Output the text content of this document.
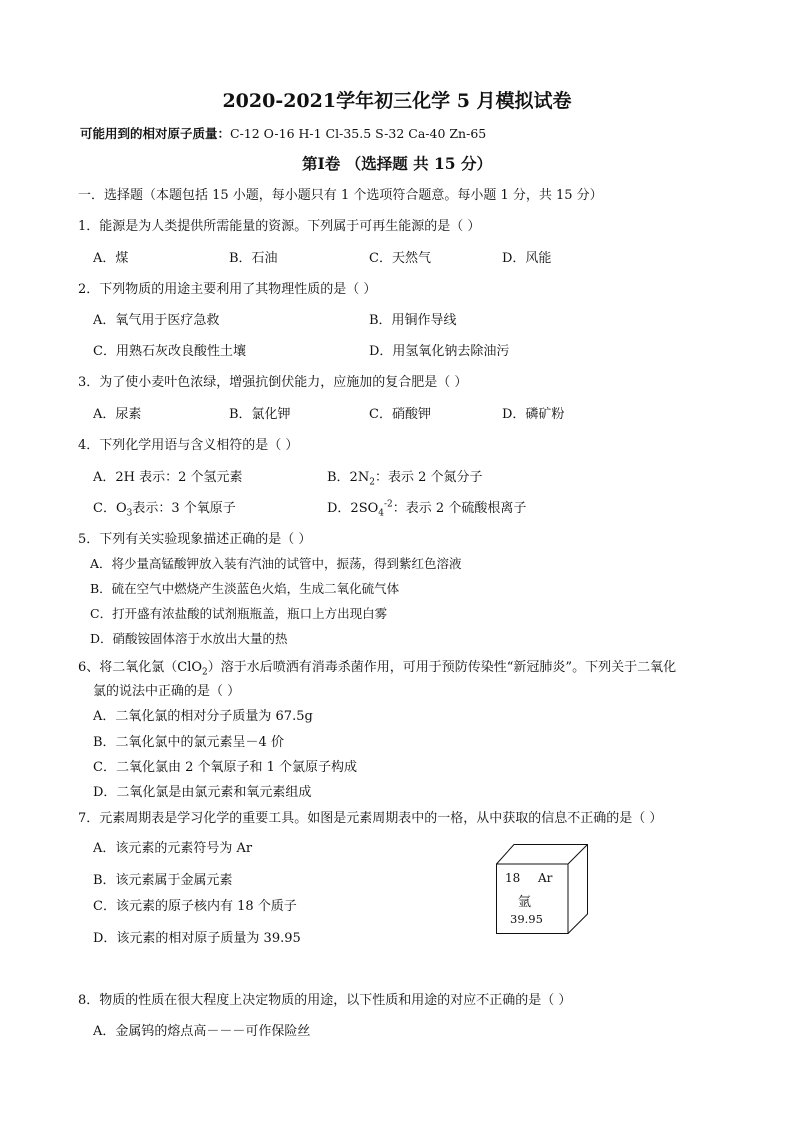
2020-2021学年初三化学 5 月模拟试卷
可能用到的相对原子质量：C-12 O-16 H-1 Cl-35.5 S-32 Ca-40 Zn-65
第Ⅰ卷 （选择题 共 15 分）
一．选择题（本题包括 15 小题，每小题只有 1 个选项符合题意。每小题 1 分，共 15 分）
1．能源是为人类提供所需能量的资源。下列属于可再生能源的是（ ）
A．煤	B．石油	C．天然气	D．风能
2．下列物质的用途主要利用了其物理性质的是（ ）
A．氧气用于医疗急救	B．用铜作导线
C．用熟石灰改良酸性土壤	D．用氢氧化钠去除油污
3．为了使小麦叶色浓绿，增强抗倒伏能力，应施加的复合肥是（ ）
A．尿素	B．氯化钾	C．硝酸钾	D．磷矿粉
4．下列化学用语与含义相符的是（ ）
A．2H 表示：2 个氢元素	B．$2N_2$：表示 2 个氮分子
C．$O_3$表示：3 个氧原子	D．$2SO_4^{-2}$：表示 2 个硫酸根离子
5．下列有关实验现象描述正确的是（ ）
A．将少量高锰酸钾放入装有汽油的试管中，振荡，得到紫红色溶液
B．硫在空气中燃烧产生淡蓝色火焰，生成二氧化硫气体
C．打开盛有浓盐酸的试剂瓶瓶盖，瓶口上方出现白雾
D．硝酸铵固体溶于水放出大量的热
6、将二氧化氯（ClO$_2$）溶于水后喷洒有消毒杀菌作用，可用于预防传染性“新冠肺炎”。下列关于二氧化
氯的说法中正确的是（ ）
A．二氧化氯的相对分子质量为 67.5g
B．二氧化氯中的氯元素呈－4 价
C．二氧化氯由 2 个氧原子和 1 个氯原子构成
D．二氧化氯是由氯元素和氧元素组成
7．元素周期表是学习化学的重要工具。如图是元素周期表中的一格，从中获取的信息不正确的是（ ）
A．该元素的元素符号为 Ar
B．该元素属于金属元素
C．该元素的原子核内有 18 个质子
D．该元素的相对原子质量为 39.95
18 Ar
氩
39.95
8．物质的性质在很大程度上决定物质的用途，以下性质和用途的对应不正确的是（ ）
A．金属钨的熔点高－－－可作保险丝
